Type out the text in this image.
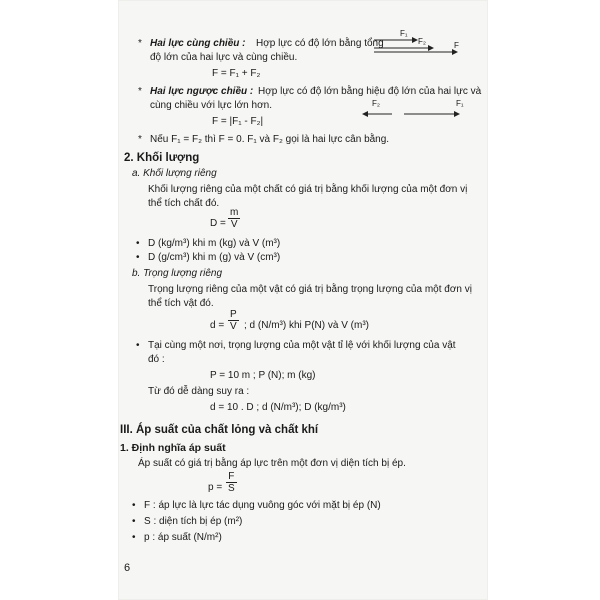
* Hai lực cùng chiều : Hợp lực có độ lớn bằng tổng
độ lớn của hai lực và cùng chiều.
F₁
F₂	F
F = F₁ + F₂
* Hai lực ngược chiều : Hợp lực có độ lớn bằng hiệu độ lớn của hai lực và
cùng chiều với lực lớn hơn.	F₂	F₁
F = |F₁ - F₂|
* Nếu F₁ = F₂ thì F = 0. F₁ và F₂ gọi là hai lực cân bằng.
2. Khối lượng
a. Khối lượng riêng
Khối lượng riêng của một chất có giá trị bằng khối lượng của một đơn vị
thể tích chất đó.
$D = \frac{m}{V}$
• D (kg/m³) khi m (kg) và V (m³)
• D (g/cm³) khi m (g) và V (cm³)
b. Trọng lượng riêng
Trọng lượng riêng của một vật có giá trị bằng trọng lượng của một đơn vị
thể tích vật đó.
$d = \frac{P}{V}$ ; d (N/m³) khi P(N) và V (m³)
• Tại cùng một nơi, trọng lượng của một vật tỉ lệ với khối lượng của vật
đó :
P = 10 m ; P (N); m (kg)
Từ đó dễ dàng suy ra :
d = 10 . D ; d (N/m³); D (kg/m³)
III. Áp suất của chất lỏng và chất khí
1. Định nghĩa áp suất
Áp suất có giá trị bằng áp lực trên một đơn vị diện tích bị ép.
$p = \frac{F}{S}$
• F : áp lực là lực tác dụng vuông góc với mặt bị ép (N)
• S : diện tích bị ép (m²)
• p : áp suất (N/m²)
6
